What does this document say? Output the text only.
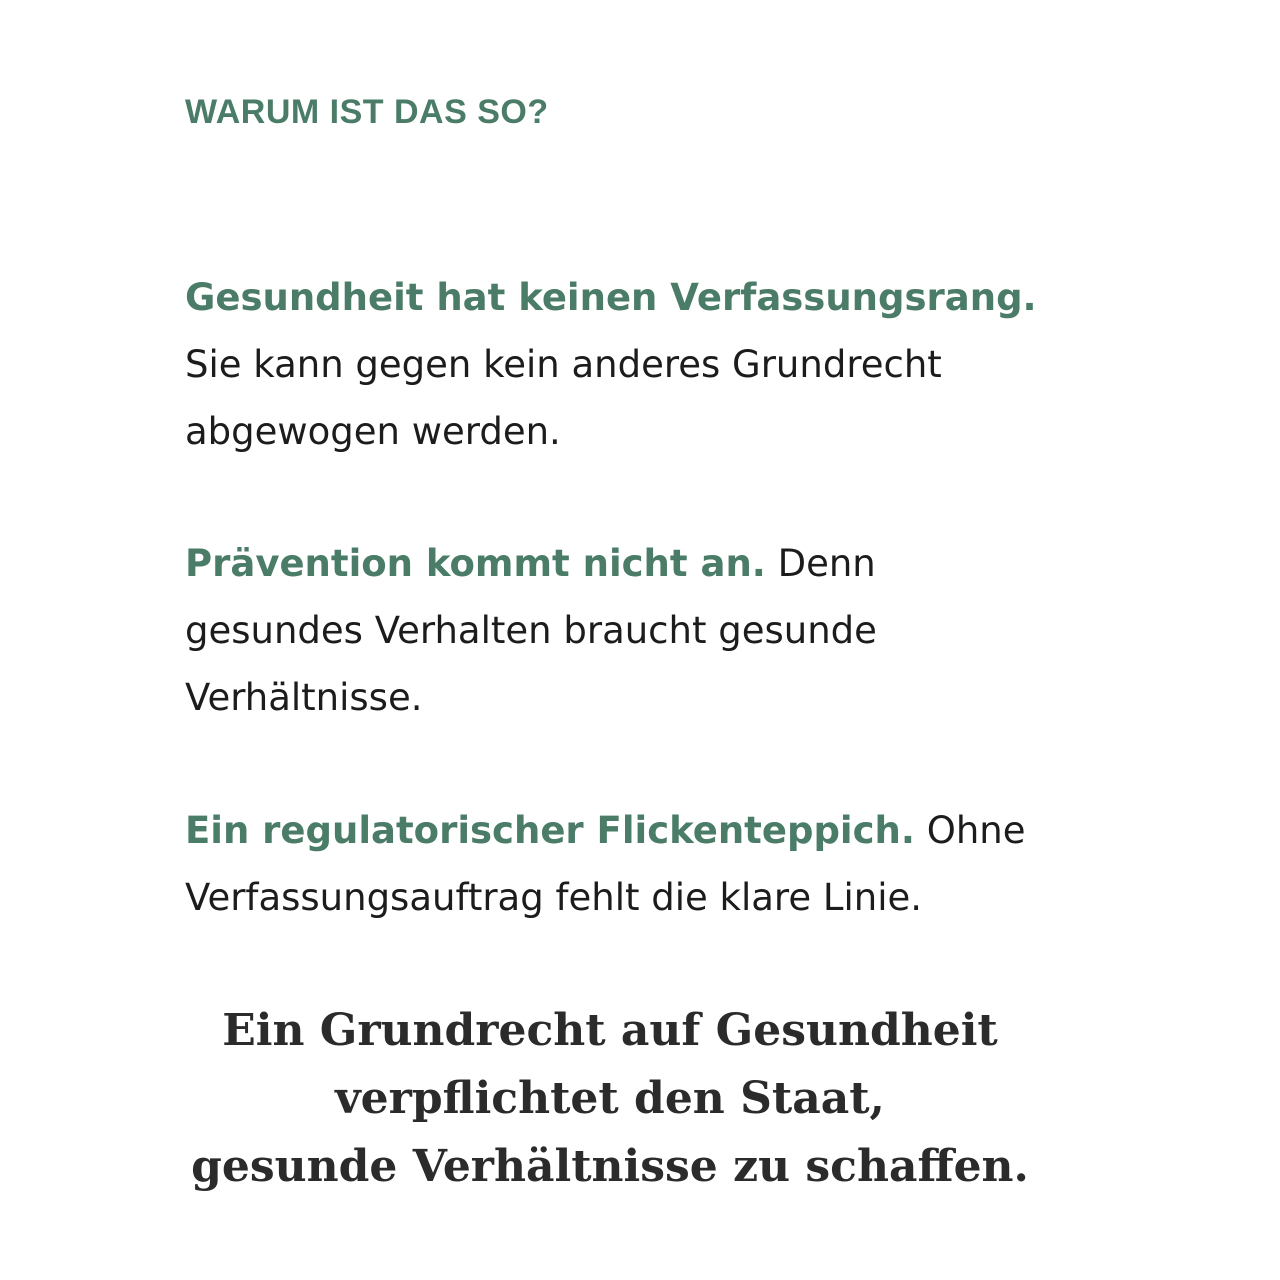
WARUM IST DAS SO?

Gesundheit hat keinen Verfassungsrang. Sie kann gegen kein anderes Grundrecht abgewogen werden.

Prävention kommt nicht an. Denn gesundes Verhalten braucht gesunde Verhältnisse.

Ein regulatorischer Flickenteppich. Ohne Verfassungsauftrag fehlt die klare Linie.

Ein Grundrecht auf Gesundheit
verpflichtet den Staat,
gesunde Verhältnisse zu schaffen.
